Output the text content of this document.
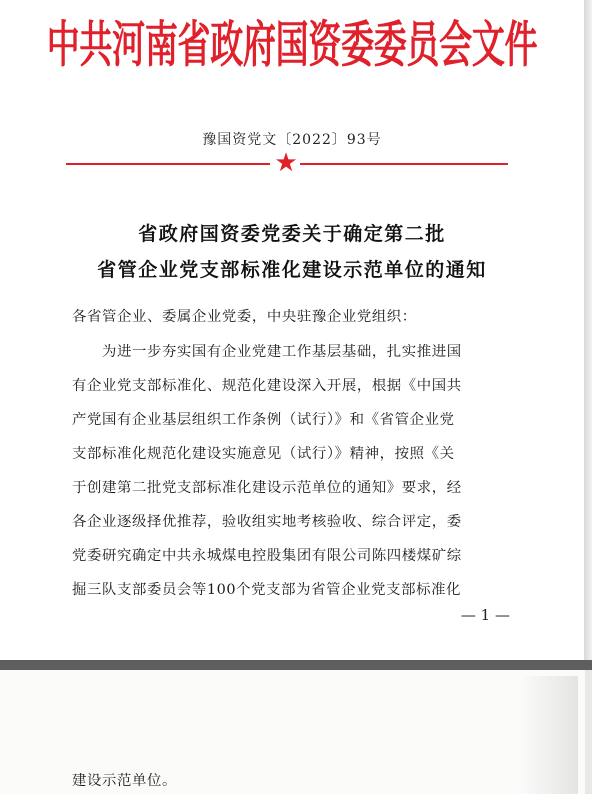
中共河南省政府国资委委员会文件
豫国资党文〔2022〕93号
★
省政府国资委党委关于确定第二批
省管企业党支部标准化建设示范单位的通知
各省管企业、委属企业党委，中央驻豫企业党组织：
　　为进一步夯实国有企业党建工作基层基础，扎实推进国
有企业党支部标准化、规范化建设深入开展，根据《中国共
产党国有企业基层组织工作条例（试行）》和《省管企业党
支部标准化规范化建设实施意见（试行）》精神，按照《关
于创建第二批党支部标准化建设示范单位的通知》要求，经
各企业逐级择优推荐，验收组实地考核验收、综合评定，委
党委研究确定中共永城煤电控股集团有限公司陈四楼煤矿综
掘三队支部委员会等100个党支部为省管企业党支部标准化
— 1 —
建设示范单位。
